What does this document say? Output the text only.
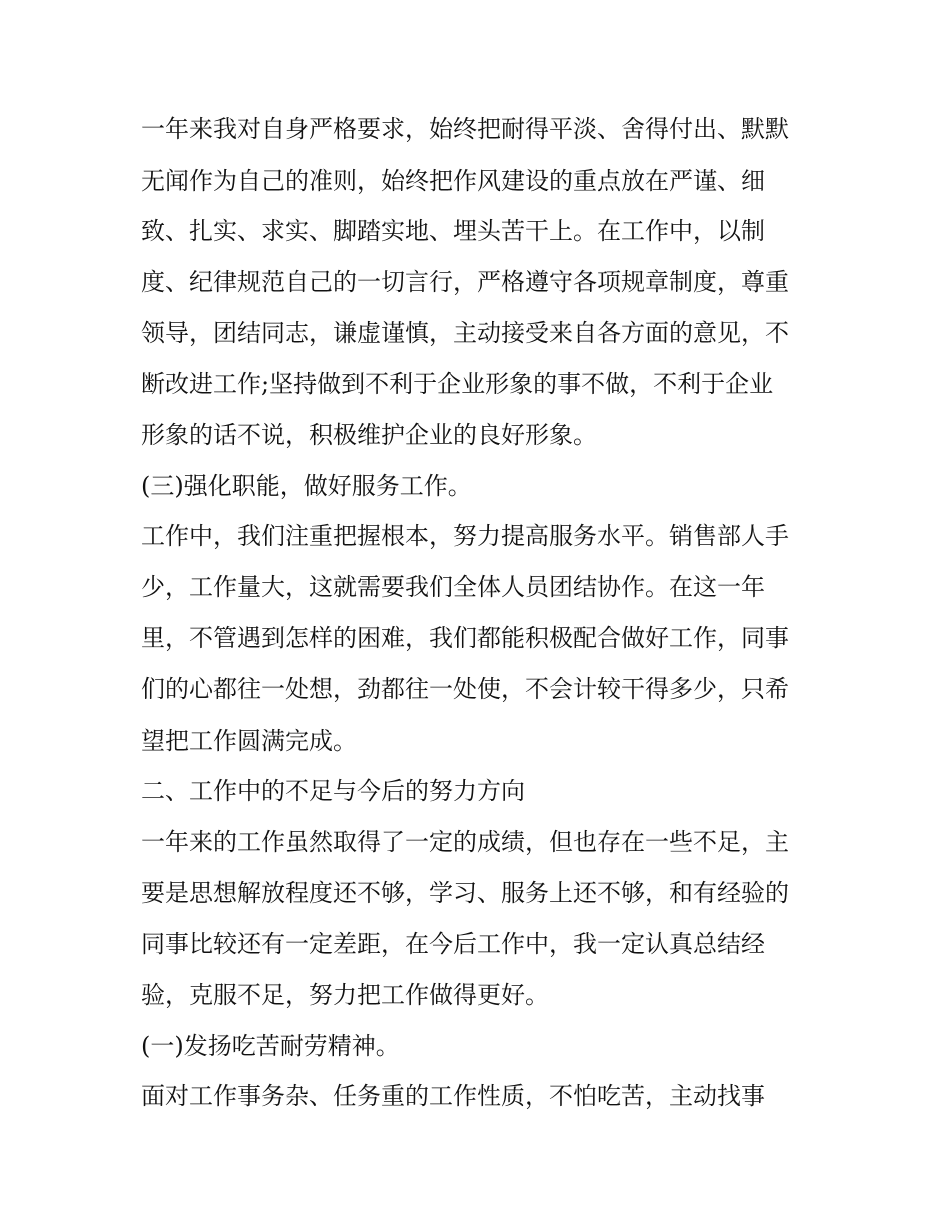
一年来我对自身严格要求，始终把耐得平淡、舍得付出、默默
无闻作为自己的准则，始终把作风建设的重点放在严谨、细
致、扎实、求实、脚踏实地、埋头苦干上。在工作中，以制
度、纪律规范自己的一切言行，严格遵守各项规章制度，尊重
领导，团结同志，谦虚谨慎，主动接受来自各方面的意见，不
断改进工作;坚持做到不利于企业形象的事不做，不利于企业
形象的话不说，积极维护企业的良好形象。
(三)强化职能，做好服务工作。
工作中，我们注重把握根本，努力提高服务水平。销售部人手
少，工作量大，这就需要我们全体人员团结协作。在这一年
里，不管遇到怎样的困难，我们都能积极配合做好工作，同事
们的心都往一处想，劲都往一处使，不会计较干得多少，只希
望把工作圆满完成。
二、工作中的不足与今后的努力方向
一年来的工作虽然取得了一定的成绩，但也存在一些不足，主
要是思想解放程度还不够，学习、服务上还不够，和有经验的
同事比较还有一定差距，在今后工作中，我一定认真总结经
验，克服不足，努力把工作做得更好。
(一)发扬吃苦耐劳精神。
面对工作事务杂、任务重的工作性质，不怕吃苦，主动找事
